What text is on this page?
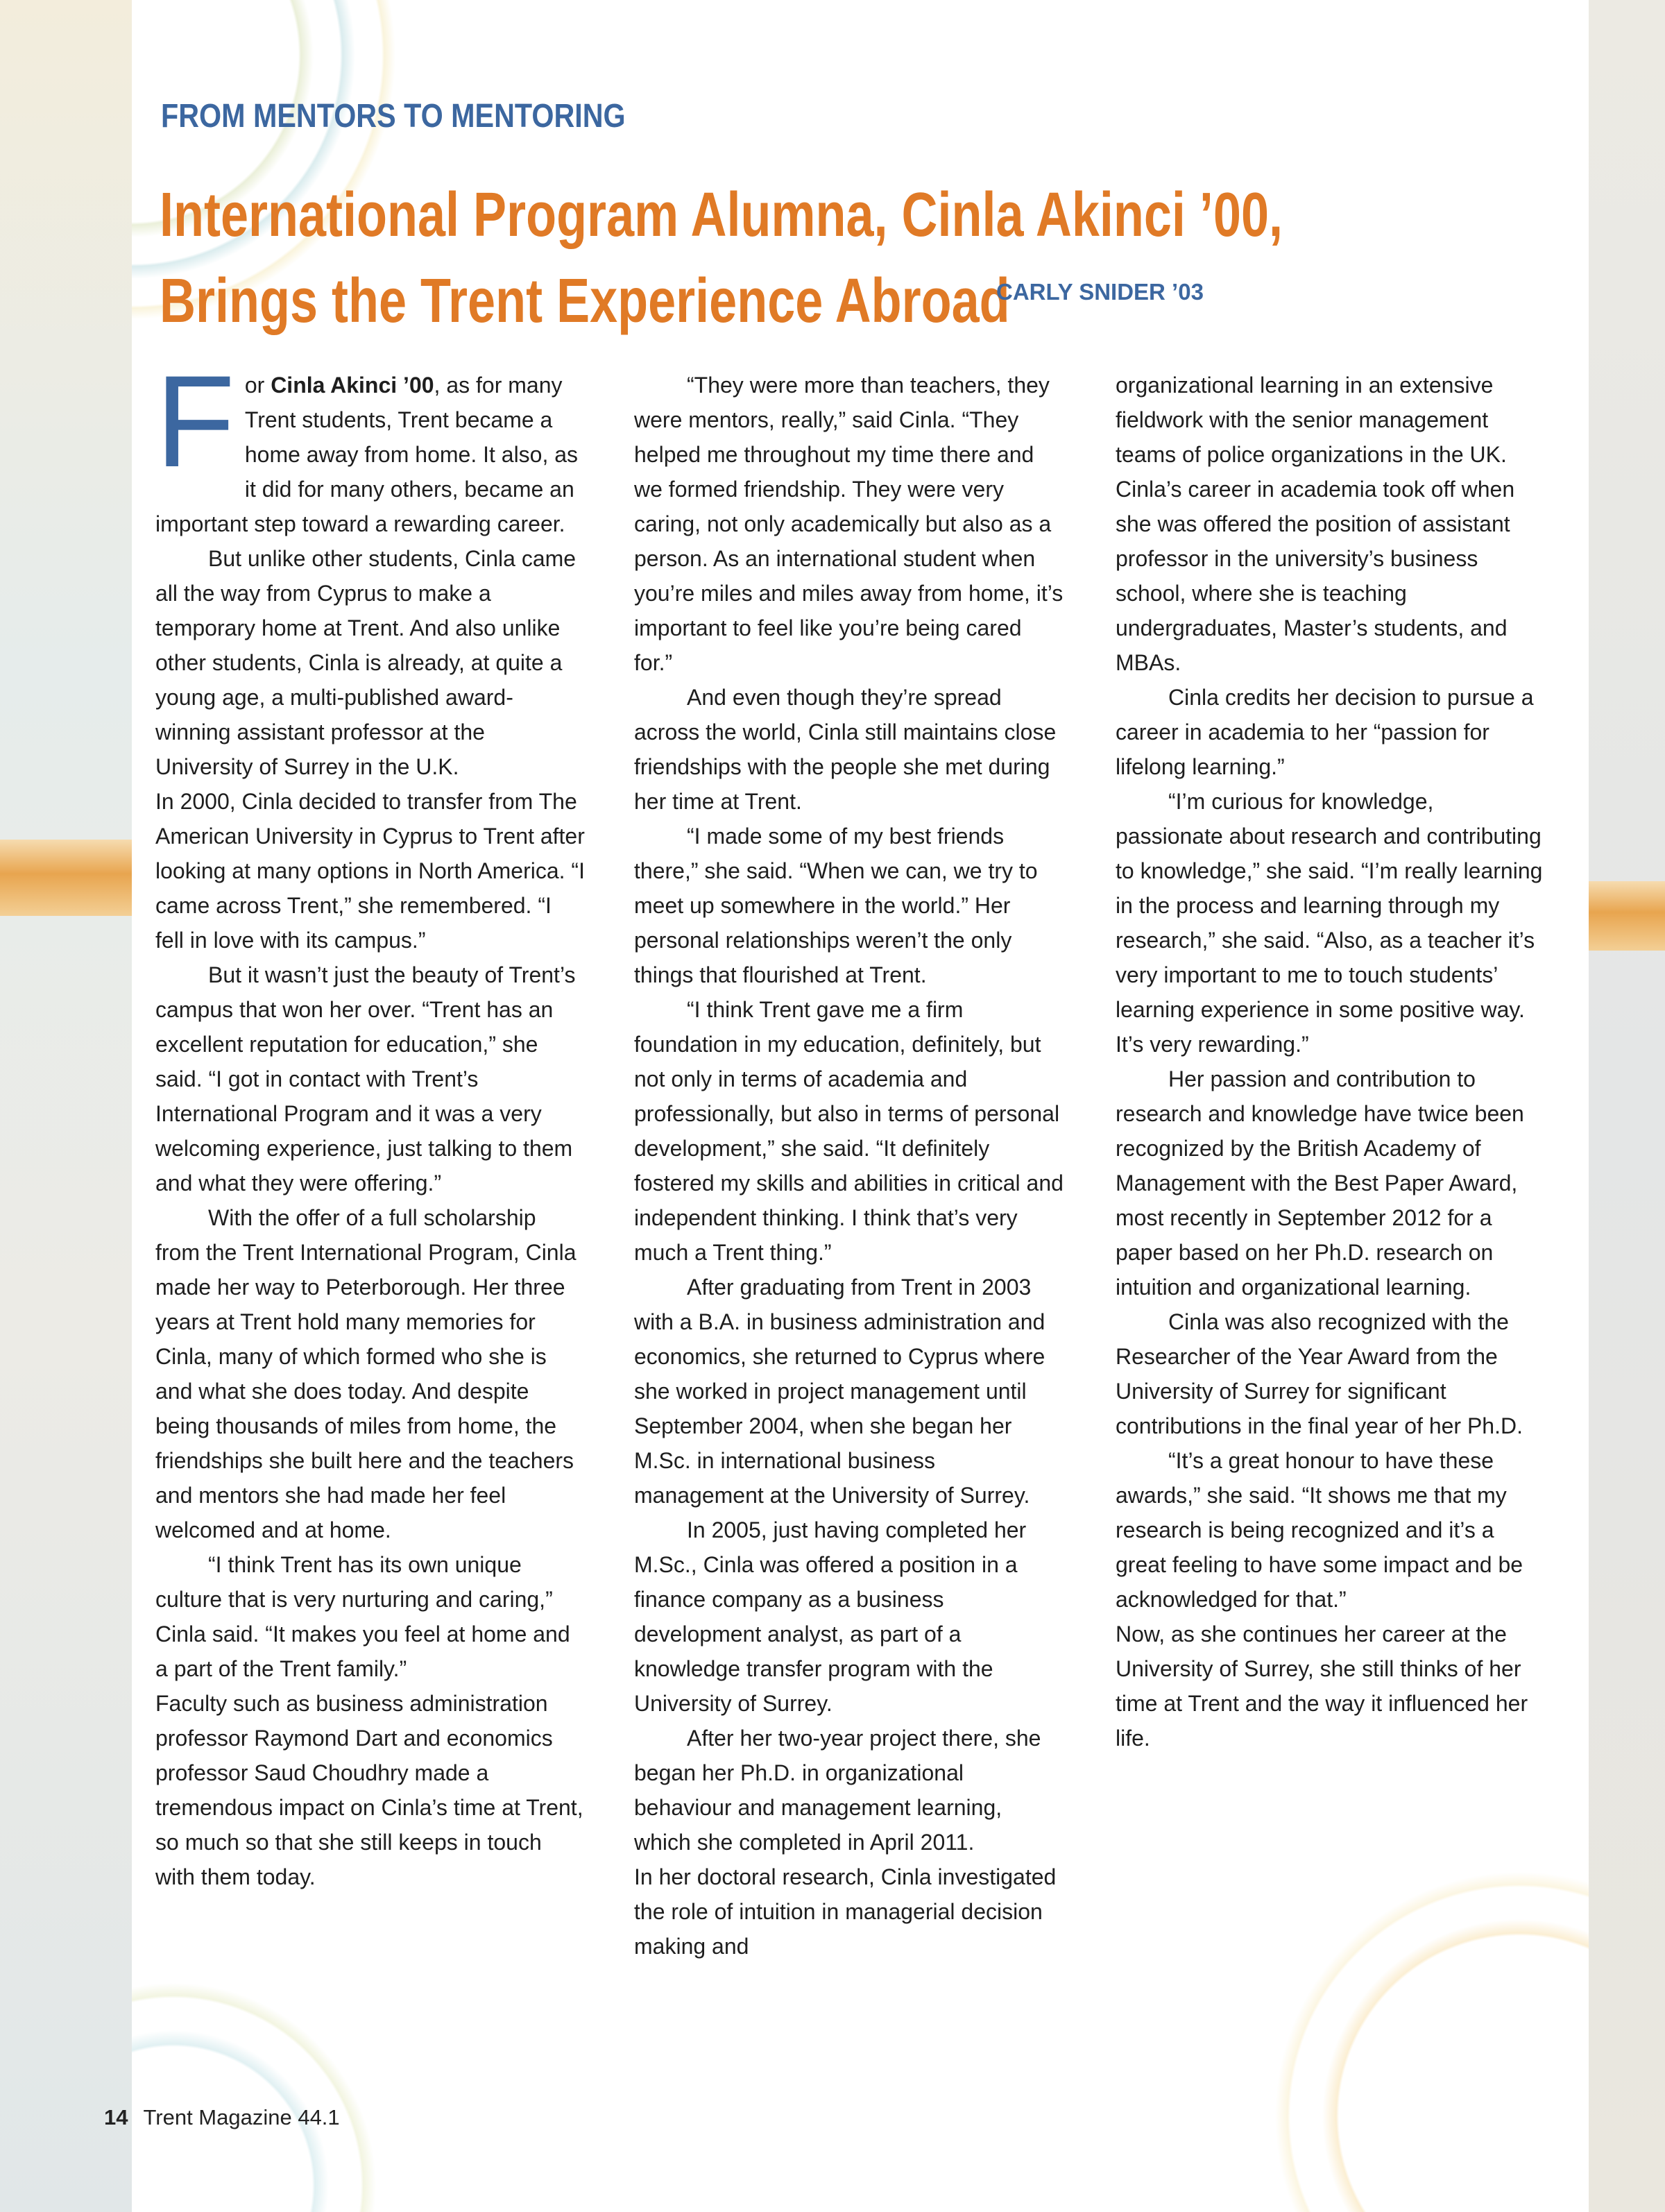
FROM MENTORS TO MENTORING
International Program Alumna, Cinla Akinci ’00,
Brings the Trent Experience Abroad
CARLY SNIDER ’03

For Cinla Akinci ’00, as for many Trent students, Trent became a home away from home. It also, as it did for many others, became an important step toward a rewarding career.

But unlike other students, Cinla came all the way from Cyprus to make a temporary home at Trent. And also unlike other students, Cinla is already, at quite a young age, a multi-published award-winning assistant professor at the University of Surrey in the U.K.

In 2000, Cinla decided to transfer from The American University in Cyprus to Trent after looking at many options in North America. “I came across Trent,” she remembered. “I fell in love with its campus.”

But it wasn’t just the beauty of Trent’s campus that won her over. “Trent has an excellent reputation for education,” she said. “I got in contact with Trent’s International Program and it was a very welcoming experience, just talking to them and what they were offering.”

With the offer of a full scholarship from the Trent International Program, Cinla made her way to Peterborough. Her three years at Trent hold many memories for Cinla, many of which formed who she is and what she does today. And despite being thousands of miles from home, the friendships she built here and the teachers and mentors she had made her feel welcomed and at home.

“I think Trent has its own unique culture that is very nurturing and caring,” Cinla said. “It makes you feel at home and a part of the Trent family.”

Faculty such as business administration professor Raymond Dart and economics professor Saud Choudhry made a tremendous impact on Cinla’s time at Trent, so much so that she still keeps in touch with them today.

“They were more than teachers, they were mentors, really,” said Cinla. “They helped me throughout my time there and we formed friendship. They were very caring, not only academically but also as a person. As an international student when you’re miles and miles away from home, it’s important to feel like you’re being cared for.”

And even though they’re spread across the world, Cinla still maintains close friendships with the people she met during her time at Trent.

“I made some of my best friends there,” she said. “When we can, we try to meet up somewhere in the world.” Her personal relationships weren’t the only things that flourished at Trent.

“I think Trent gave me a firm foundation in my education, definitely, but not only in terms of academia and professionally, but also in terms of personal development,” she said. “It definitely fostered my skills and abilities in critical and independent thinking. I think that’s very much a Trent thing.”

After graduating from Trent in 2003 with a B.A. in business administration and economics, she returned to Cyprus where she worked in project management until September 2004, when she began her M.Sc. in international business management at the University of Surrey.

In 2005, just having completed her M.Sc., Cinla was offered a position in a finance company as a business development analyst, as part of a knowledge transfer program with the University of Surrey.

After her two-year project there, she began her Ph.D. in organizational behaviour and management learning, which she completed in April 2011.

In her doctoral research, Cinla investigated the role of intuition in managerial decision making and

organizational learning in an extensive fieldwork with the senior management teams of police organizations in the UK. Cinla’s career in academia took off when she was offered the position of assistant professor in the university’s business school, where she is teaching undergraduates, Master’s students, and MBAs.

Cinla credits her decision to pursue a career in academia to her “passion for lifelong learning.”

“I’m curious for knowledge, passionate about research and contributing to knowledge,” she said. “I’m really learning in the process and learning through my research,” she said. “Also, as a teacher it’s very important to me to touch students’ learning experience in some positive way. It’s very rewarding.”

Her passion and contribution to research and knowledge have twice been recognized by the British Academy of Management with the Best Paper Award, most recently in September 2012 for a paper based on her Ph.D. research on intuition and organizational learning.

Cinla was also recognized with the Researcher of the Year Award from the University of Surrey for significant contributions in the final year of her Ph.D.

“It’s a great honour to have these awards,” she said. “It shows me that my research is being recognized and it’s a great feeling to have some impact and be acknowledged for that.”

Now, as she continues her career at the University of Surrey, she still thinks of her time at Trent and the way it influenced her life.

14 Trent Magazine 44.1
